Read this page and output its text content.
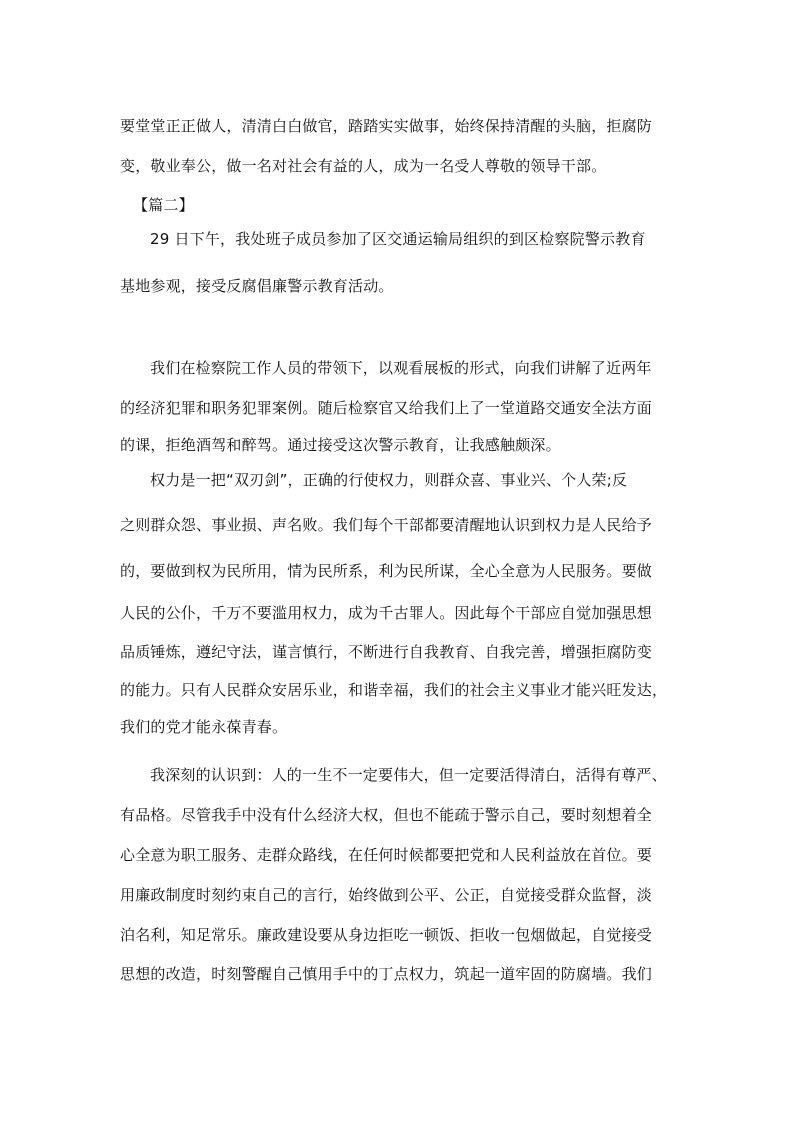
要堂堂正正做人，清清白白做官，踏踏实实做事，始终保持清醒的头脑，拒腐防
变，敬业奉公，做一名对社会有益的人，成为一名受人尊敬的领导干部。
【篇二】
29 日下午，我处班子成员参加了区交通运输局组织的到区检察院警示教育
基地参观，接受反腐倡廉警示教育活动。
我们在检察院工作人员的带领下，以观看展板的形式，向我们讲解了近两年
的经济犯罪和职务犯罪案例。随后检察官又给我们上了一堂道路交通安全法方面
的课，拒绝酒驾和醉驾。通过接受这次警示教育，让我感触颇深。
权力是一把“双刃剑”，正确的行使权力，则群众喜、事业兴、个人荣;反
之则群众怨、事业损、声名败。我们每个干部都要清醒地认识到权力是人民给予
的，要做到权为民所用，情为民所系，利为民所谋，全心全意为人民服务。要做
人民的公仆，千万不要滥用权力，成为千古罪人。因此每个干部应自觉加强思想
品质锤炼，遵纪守法，谨言慎行，不断进行自我教育、自我完善，增强拒腐防变
的能力。只有人民群众安居乐业，和谐幸福，我们的社会主义事业才能兴旺发达，
我们的党才能永葆青春。
我深刻的认识到：人的一生不一定要伟大，但一定要活得清白，活得有尊严、
有品格。尽管我手中没有什么经济大权，但也不能疏于警示自己，要时刻想着全
心全意为职工服务、走群众路线，在任何时候都要把党和人民利益放在首位。要
用廉政制度时刻约束自己的言行，始终做到公平、公正，自觉接受群众监督，淡
泊名利，知足常乐。廉政建设要从身边拒吃一顿饭、拒收一包烟做起，自觉接受
思想的改造，时刻警醒自己慎用手中的丁点权力，筑起一道牢固的防腐墙。我们
